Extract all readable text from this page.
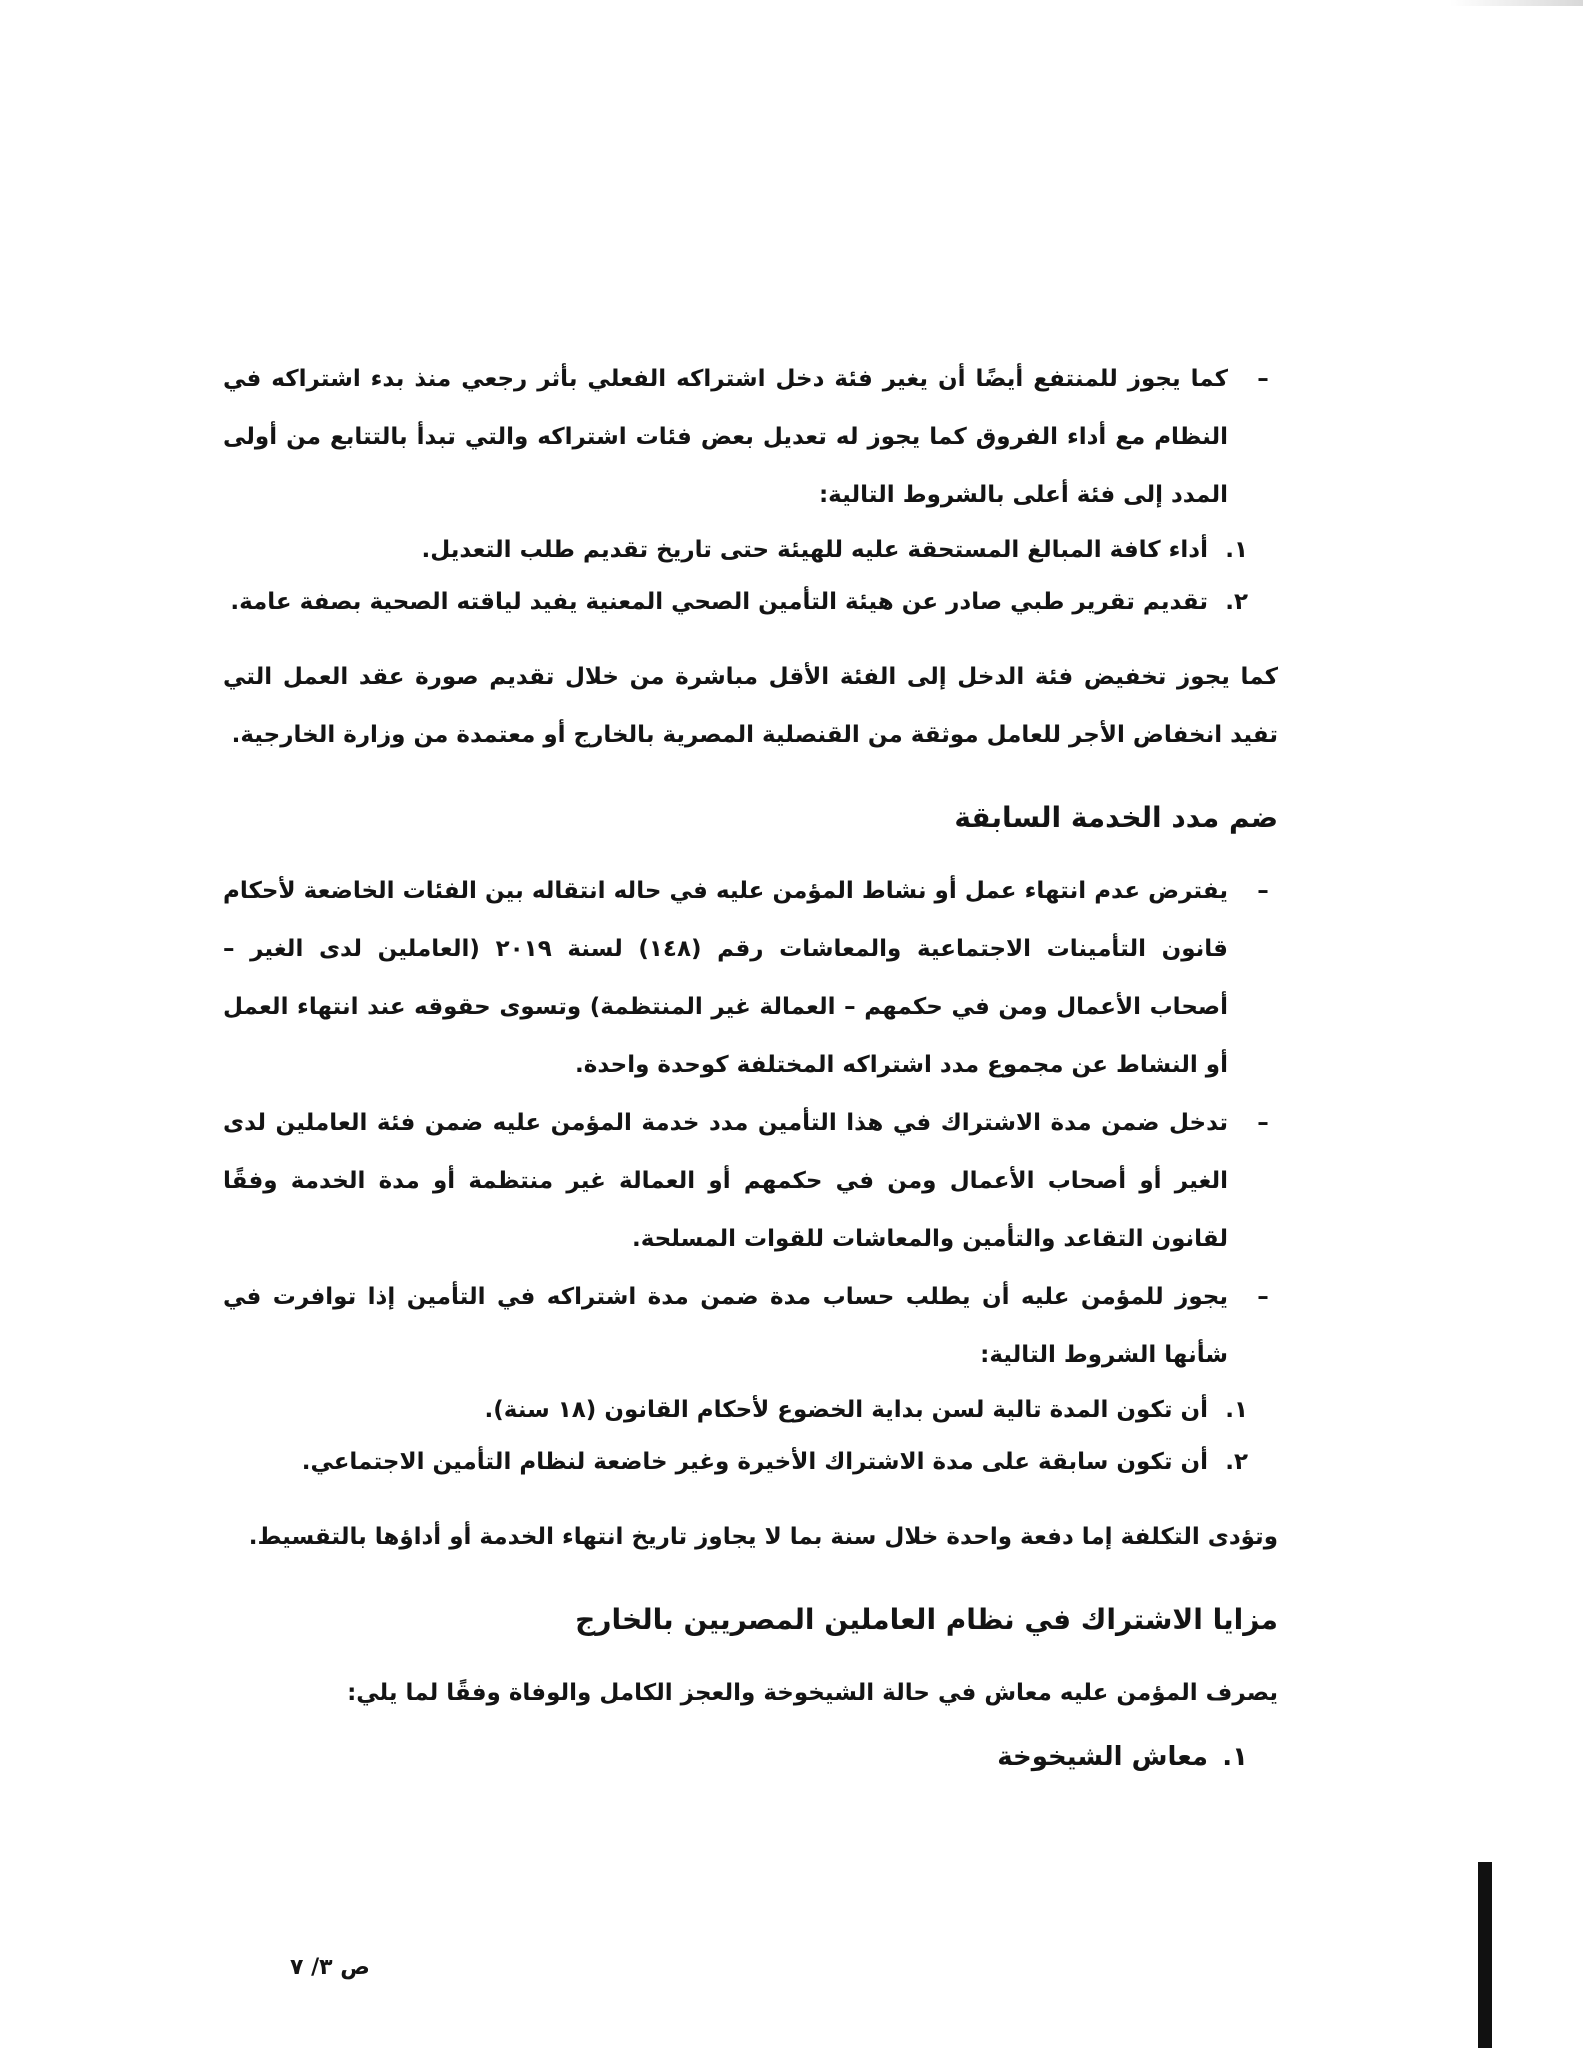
–
كما يجوز للمنتفع أيضًا أن يغير فئة دخل اشتراكه الفعلي بأثر رجعي منذ بدء اشتراكه في النظام مع أداء الفروق كما يجوز له تعديل بعض فئات اشتراكه والتي تبدأ بالتتابع من أولى المدد إلى فئة أعلى بالشروط التالية:

١.
أداء كافة المبالغ المستحقة عليه للهيئة حتى تاريخ تقديم طلب التعديل.
٢.
تقديم تقرير طبي صادر عن هيئة التأمين الصحي المعنية يفيد لياقته الصحية بصفة عامة.

كما يجوز تخفيض فئة الدخل إلى الفئة الأقل مباشرة من خلال تقديم صورة عقد العمل التي تفيد انخفاض الأجر للعامل موثقة من القنصلية المصرية بالخارج أو معتمدة من وزارة الخارجية.

ضم مدد الخدمة السابقة

–
يفترض عدم انتهاء عمل أو نشاط المؤمن عليه في حاله انتقاله بين الفئات الخاضعة لأحكام قانون التأمينات الاجتماعية والمعاشات رقم (١٤٨) لسنة ٢٠١٩ (العاملين لدى الغير – أصحاب الأعمال ومن في حكمهم – العمالة غير المنتظمة) وتسوى حقوقه عند انتهاء العمل أو النشاط عن مجموع مدد اشتراكه المختلفة كوحدة واحدة.

–
تدخل ضمن مدة الاشتراك في هذا التأمين مدد خدمة المؤمن عليه ضمن فئة العاملين لدى الغير أو أصحاب الأعمال ومن في حكمهم أو العمالة غير منتظمة أو مدة الخدمة وفقًا لقانون التقاعد والتأمين والمعاشات للقوات المسلحة.

–
يجوز للمؤمن عليه أن يطلب حساب مدة ضمن مدة اشتراكه في التأمين إذا توافرت في شأنها الشروط التالية:

١.
أن تكون المدة تالية لسن بداية الخضوع لأحكام القانون (١٨ سنة).
٢.
أن تكون سابقة على مدة الاشتراك الأخيرة وغير خاضعة لنظام التأمين الاجتماعي.

وتؤدى التكلفة إما دفعة واحدة خلال سنة بما لا يجاوز تاريخ انتهاء الخدمة أو أداؤها بالتقسيط.

مزايا الاشتراك في نظام العاملين المصريين بالخارج

يصرف المؤمن عليه معاش في حالة الشيخوخة والعجز الكامل والوفاة وفقًا لما يلي:

١.
معاش الشيخوخة
ص ٣/ ٧
